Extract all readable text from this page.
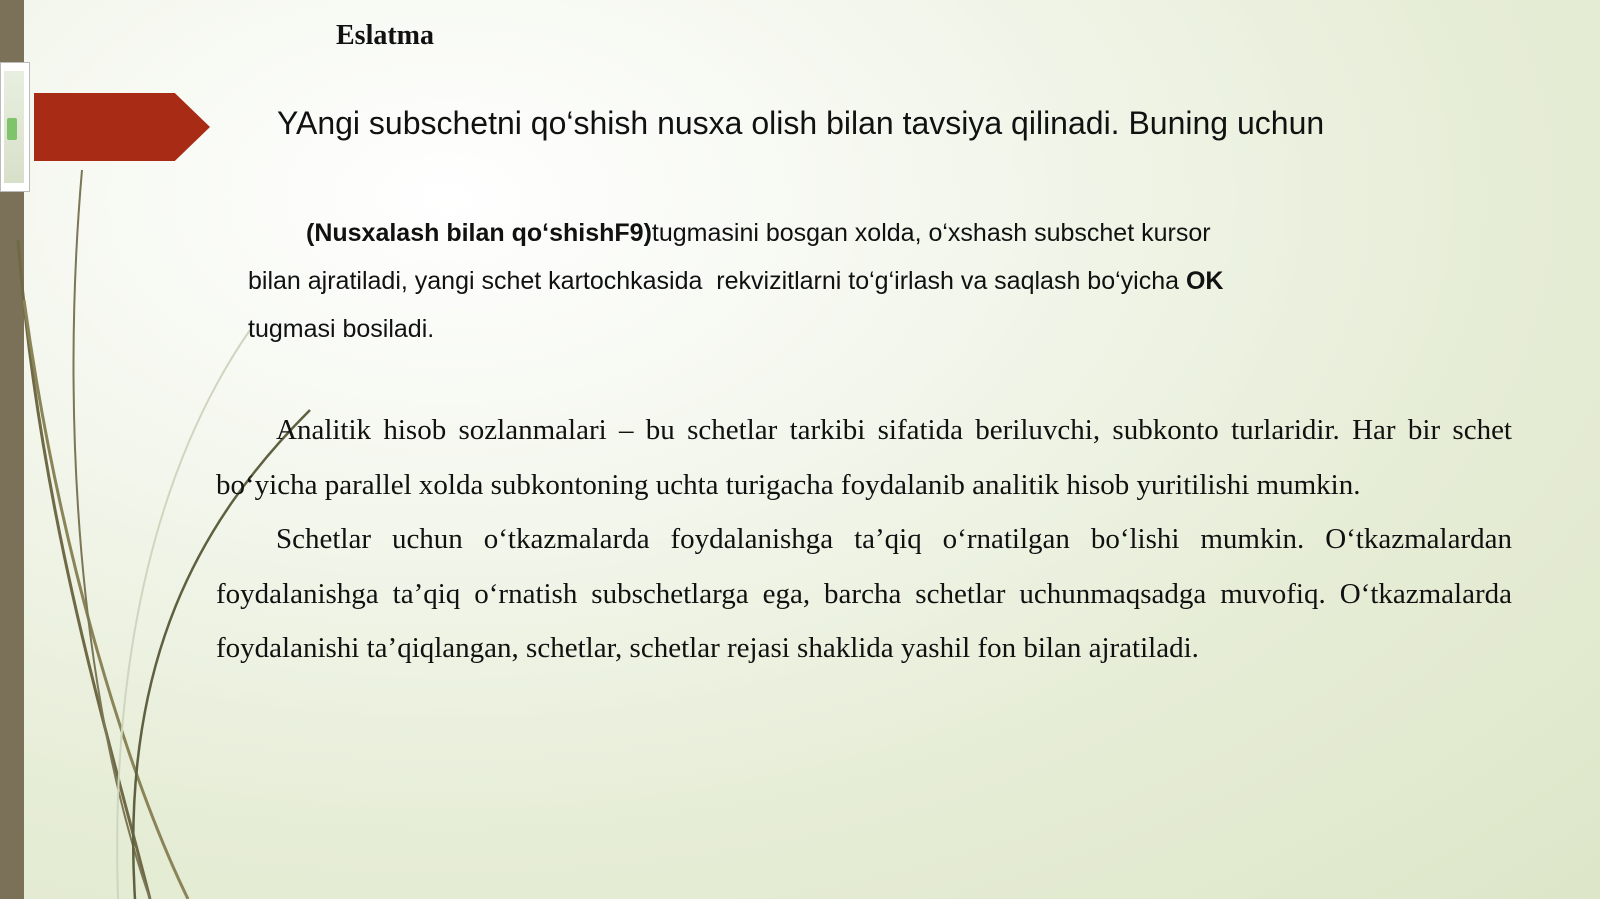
Eslatma
YAngi subschetni qo‘shish nusxa olish bilan tavsiya qilinadi. Buning uchun
(Nusxalash bilan qo‘shishF9)tugmasini bosgan xolda, o‘xshash subschet kursor
bilan ajratiladi, yangi schet kartochkasida  rekvizitlarni to‘g‘irlash va saqlash bo‘yicha OK
tugmasi bosiladi.

Analitik hisob sozlanmalari – bu schetlar tarkibi sifatida beriluvchi, subkonto turlaridir. Har bir schet bo‘yicha parallel xolda subkontoning uchta turigacha foydalanib analitik hisob yuritilishi mumkin.

Schetlar uchun o‘tkazmalarda foydalanishga ta’qiq o‘rnatilgan bo‘lishi mumkin. O‘tkazmalardan foydalanishga ta’qiq o‘rnatish subschetlarga ega, barcha schetlar uchunmaqsadga muvofiq. O‘tkazmalarda foydalanishi ta’qiqlangan, schetlar, schetlar rejasi shaklida yashil fon bilan ajratiladi.
